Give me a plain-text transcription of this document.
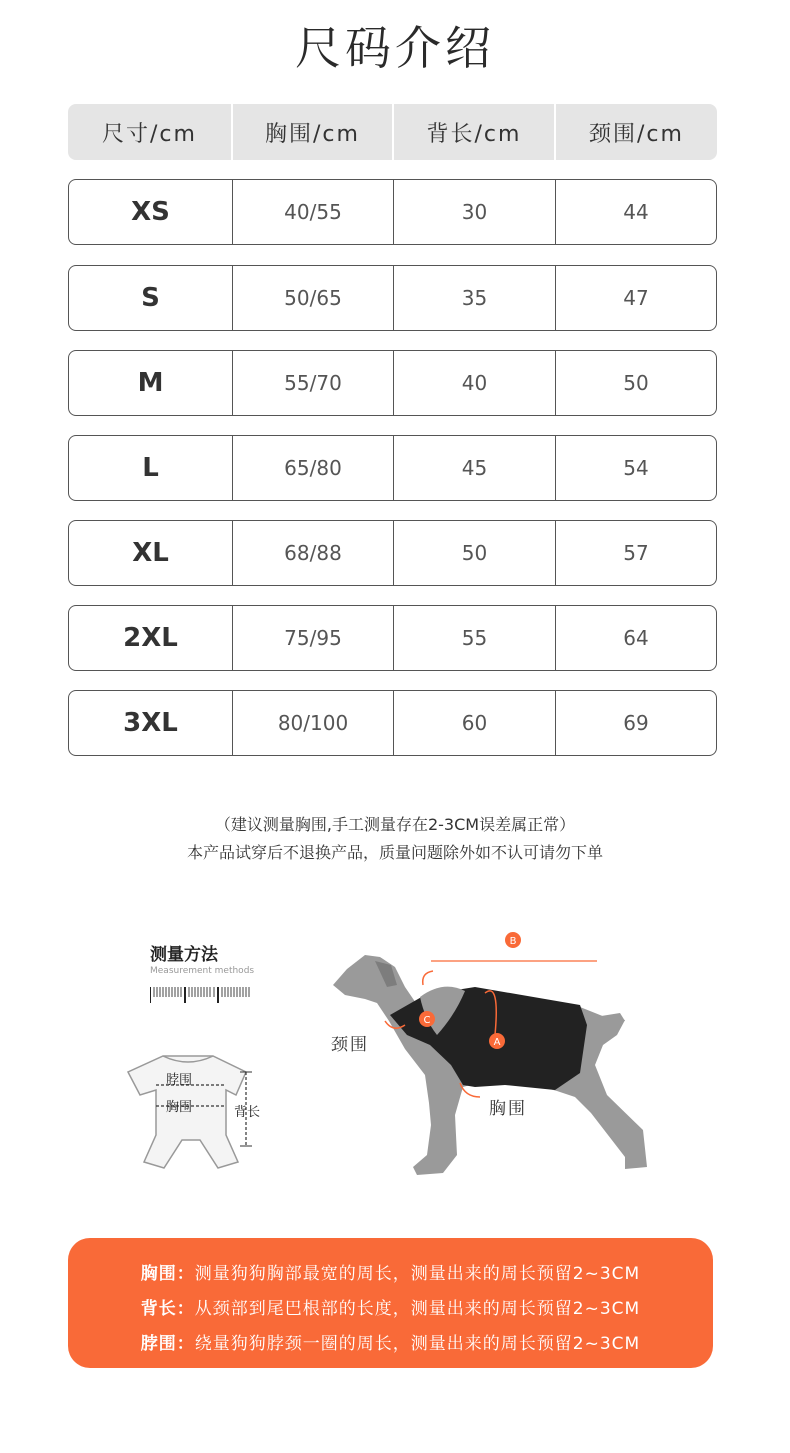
尺码介绍
尺寸/cm	胸围/cm	背长/cm	颈围/cm
XS	40/55	30	44
S	50/65	35	47
M	55/70	40	50
L	65/80	45	54
XL	68/88	50	57
2XL	75/95	55	64
3XL	80/100	60	69
（建议测量胸围,手工测量存在2-3CM误差属正常）
本产品试穿后不退换产品，质量问题除外如不认可请勿下单
测量方法
Measurement methods
脖围
胸围	背长
B
C
A
颈围
胸围
胸围： 测量狗狗胸部最宽的周长，测量出来的周长预留2~3CM
背长： 从颈部到尾巴根部的长度，测量出来的周长预留2~3CM
脖围： 绕量狗狗脖颈一圈的周长，测量出来的周长预留2~3CM
